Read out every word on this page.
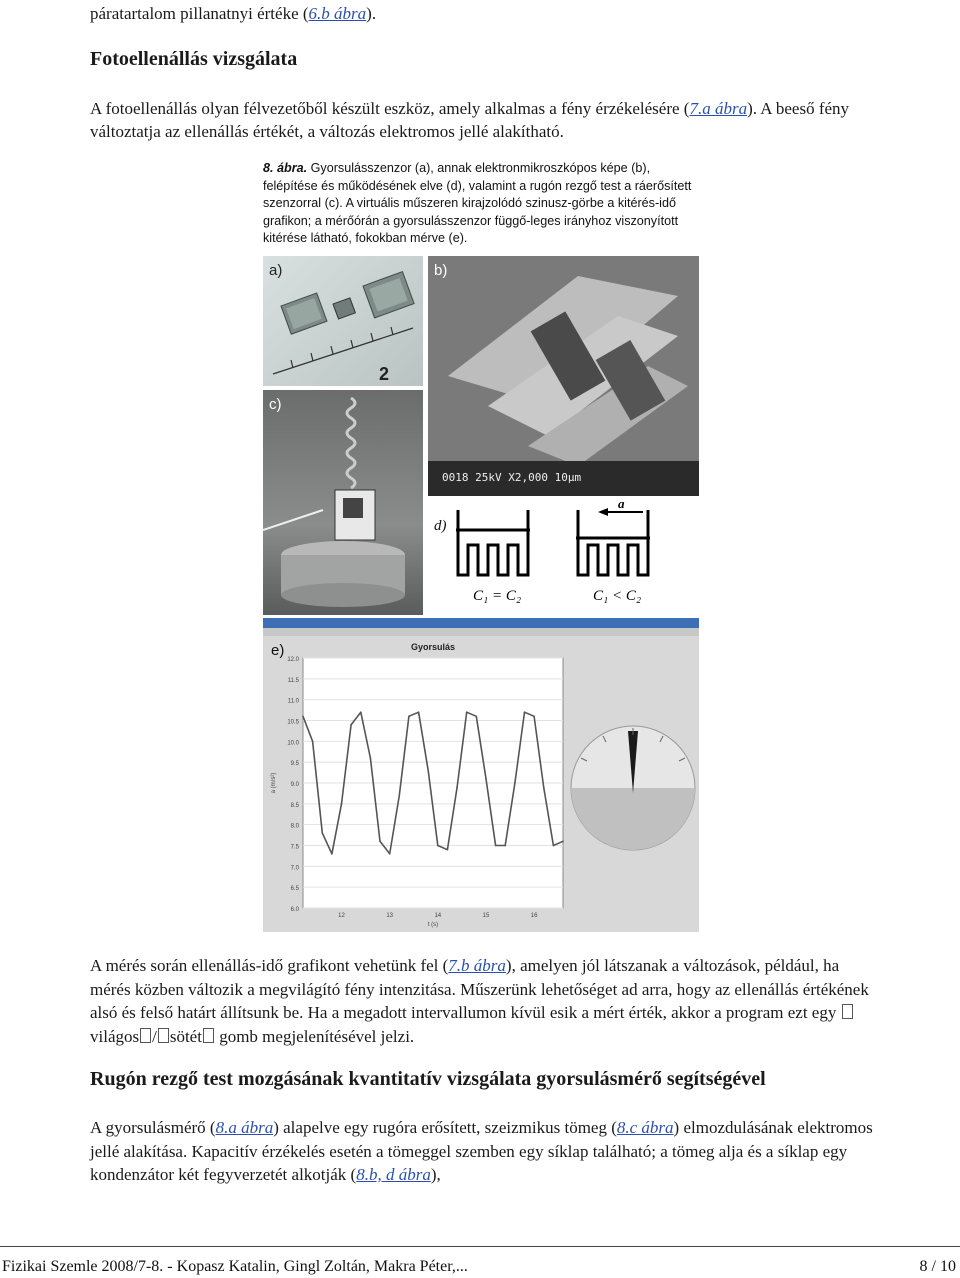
páratartalom pillanatnyi értéke (6.b ábra).
Fotoellenállás vizsgálata
A fotoellenállás olyan félvezetőből készült eszköz, amely alkalmas a fény érzékelésére (7.a ábra). A beeső fény változtatja az ellenállás értékét, a változás elektromos jellé alakítható.
8. ábra. Gyorsulásszenzor (a), annak elektronmikroszkópos képe (b), felépítése és működésének elve (d), valamint a rugón rezgő test a ráerősített szenzorral (c). A virtuális műszeren kirajzolódó szinusz-görbe a kitérés-idő grafikon; a mérőórán a gyorsulásszenzor függő-leges irányhoz viszonyított kitérése látható, fokokban mérve (e).
2
a)
0018 25kV X2,000 10µm
b)
c)
a
C₁ = C₂	C₁ < C₂
d)
Gyorsulás
12.0
11.5
11.0
10.5
10.0
9.5
9.0
8.5
8.0
7.5
7.0
6.5
6.0
12	13	14	15	16
t (s)
a (m/s²)
e)
A mérés során ellenállás-idő grafikont vehetünk fel (7.b ábra), amelyen jól látszanak a változások, például, ha mérés közben változik a megvilágító fény intenzitása. Műszerünk lehetőséget ad arra, hogy az ellenállás értékének alsó és felső határt állítsunk be. Ha a megadott intervallumon kívül esik a mért érték, akkor a program ezt egy világos / sötét gomb megjelenítésével jelzi.
Rugón rezgő test mozgásának kvantitatív vizsgálata gyorsulásmérő segítségével
A gyorsulásmérő (8.a ábra) alapelve egy rugóra erősített, szeizmikus tömeg (8.c ábra) elmozdulásának elektromos jellé alakítása. Kapacitív érzékelés esetén a tömeggel szemben egy síklap található; a tömeg alja és a síklap egy kondenzátor két fegyverzetét alkotják (8.b, d ábra),
Fizikai Szemle 2008/7-8. - Kopasz Katalin, Gingl Zoltán, Makra Péter,...	8 / 10
